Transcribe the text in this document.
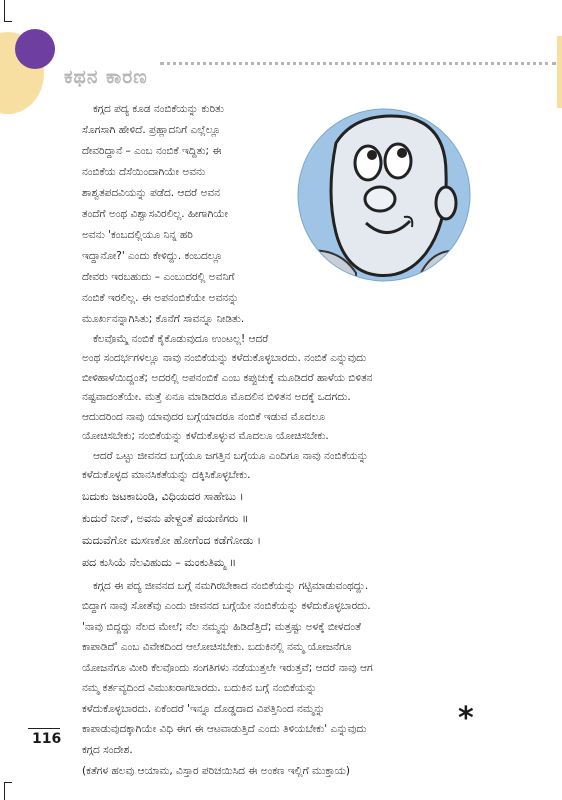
ಕಥನ ಕಾರಣ
ಕಗ್ಗದ ಪದ್ಯ ಕೂಡ ನಂಬಿಕೆಯನ್ನು ಕುರಿತು
ಸೊಗಸಾಗಿ ಹೇಳಿದೆ. ಪ್ರಹ್ಲಾದನಿಗೆ ಎಲ್ಲೆಲ್ಲೂ
ದೇವರಿದ್ದಾನೆ – ಎಂಬ ನಂಬಿಕೆ ಇದ್ದಿತು; ಈ
ನಂಬಿಕೆಯ ದೆಸೆಯಿಂದಾಗಿಯೇ ಅವನು
ಶಾಶ್ವತಪದವಿಯನ್ನು ಪಡೆದ. ಆದರೆ ಅವನ
ತಂದೆಗೆ ಅಂಥ ವಿಶ್ವಾಸವಿರಲಿಲ್ಲ. ಹೀಗಾಗಿಯೇ
ಅವನು 'ಕಂಬದಲ್ಲಿಯೂ ನಿನ್ನ ಹರಿ
ಇದ್ದಾನೋ?' ಎಂದು ಕೇಳಿದ್ದು. ಕಂಬದಲ್ಲೂ
ದೇವರು ಇರಬಹುದು – ಎಂಬುದರಲ್ಲಿ ಅವನಿಗೆ
ನಂಬಿಕೆ ಇರಲಿಲ್ಲ. ಈ ಅಪನಂಬಿಕೆಯೇ ಅವನನ್ನು
ಮೂರ್ಖನನ್ನಾಗಿಸಿತು; ಕೊನೆಗೆ ಸಾವನ್ನೂ ನೀಡಿತು.
ಕೆಲವೊಮ್ಮೆ ನಂಬಿಕೆ ಕೈಕೊಡುವುದೂ ಉಂಟಲ್ಲ! ಆದರೆ
ಅಂಥ ಸಂದರ್ಭಗಳಲ್ಲೂ ನಾವು ನಂಬಿಕೆಯನ್ನು ಕಳೆದುಕೊಳ್ಳಬಾರದು. ನಂಬಿಕೆ ಎನ್ನುವುದು
ಬೀಳಿಹಾಳೆಯಿದ್ದಂತೆ; ಅದರಲ್ಲಿ ಅಪನಂಬಿಕೆ ಎಂಬ ಕಪ್ಪುಚುಕ್ಕೆ ಮೂಡಿದರೆ ಹಾಳೆಯ ಬಿಳಿತನ
ನಷ್ಟವಾದಂತೆಯೇ. ಮತ್ತೆ ಏನೂ ಮಾಡಿದರೂ ಮೊದಲಿನ ಬಿಳಿತನ ಅದಕ್ಕೆ ಒದಗದು.
ಆದುದರಿಂದ ನಾವು ಯಾವುದರ ಬಗ್ಗೆಯಾದರೂ ನಂಬಿಕೆ ಇಡುವ ಮೊದಲೂ
ಯೋಚಿಸಬೇಕು; ನಂಬಿಕೆಯನ್ನು ಕಳೆದುಕೊಳ್ಳುವ ಮೊದಲೂ ಯೋಚಿಸಬೇಕು.
ಆದರೆ ಒಟ್ಟು ಜೀವನದ ಬಗ್ಗೆಯೂ ಜಗತ್ತಿನ ಬಗ್ಗೆಯೂ ಎಂದಿಗೂ ನಾವು ನಂಬಿಕೆಯನ್ನು
ಕಳೆದುಕೊಳ್ಳದ ಮಾನಸಿಕತೆಯನ್ನು ದಕ್ಕಿಸಿಕೊಳ್ಳಬೇಕು.
ಬದುಕು ಜಟಕಾಬಂಡಿ, ವಿಧಿಯದರ ಸಾಹೇಬು ।
ಕುದುರೆ ನೀನ್, ಅವನು ಪೇಳ್ದಂತೆ ಪಯಣಿಗರು ॥
ಮದುವೆಗೋ ಮಸಣಕೋ ಹೋಗೆಂದ ಕಡೆಗೋಡು ।
ಪದ ಕುಸಿಯೆ ನೆಲವಿಹುದು – ಮಂಕುತಿಮ್ಮ ॥
ಕಗ್ಗದ ಈ ಪದ್ಯ ಜೀವನದ ಬಗ್ಗೆ ನಮಗಿರಬೇಕಾದ ನಂಬಿಕೆಯನ್ನು ಗಟ್ಟಿಮಾಡುವಂಥದ್ದು.
ಬಿದ್ದಾಗ ನಾವು ಸೋತೆವು ಎಂದು ಜೀವನದ ಬಗ್ಗೆಯೇ ನಂಬಿಕೆಯನ್ನು ಕಳೆದುಕೊಳ್ಳಬಾರದು.
'ನಾವು ಬಿದ್ದದ್ದು ನೆಲದ ಮೇಲೆ; ನೆಲ ನಮ್ಮನ್ನು ಹಿಡಿದೆತ್ತಿದೆ; ಮತ್ತಷ್ಟು ಅಳಕ್ಕೆ ಬೀಳದಂತೆ
ಕಾಪಾಡಿದೆ' ಎಂಬ ವಿವೇಕದಿಂದ ಆಲೋಚಿಸಬೇಕು. ಬದುಕಿನಲ್ಲಿ ನಮ್ಮ ಯೋಜನೆಗೂ
ಯೋಜನೆಗೂ ಮೀರಿ ಕೆಲವೊಂದು ಸಂಗತಿಗಳು ನಡೆಯುತ್ತಲೇ ಇರುತ್ತವೆ; ಆದರೆ ನಾವು ಆಗ
ನಮ್ಮ ಕರ್ತವ್ಯದಿಂದ ವಿಮುಖರಾಗಬಾರದು. ಬದುಕಿನ ಬಗ್ಗೆ ನಂಬಿಕೆಯನ್ನು
ಕಳೆದುಕೊಳ್ಳಬಾರದು. ಏಕೆಂದರೆ 'ಇನ್ನೂ ದೊಡ್ಡದಾದ ವಿಪತ್ತಿನಿಂದ ನಮ್ಮನ್ನು
ಕಾಪಾಡುವುದಕ್ಕಾಗಿಯೇ ವಿಧಿ ಈಗ ಈ ಆಟವಾಡುತ್ತಿದೆ ಎಂದು ತಿಳಿಯಬೇಕು' ಎನ್ನುವುದು
ಕಗ್ಗದ ಸಂದೇಶ.
(ಕತೆಗಳ ಹಲವು ಆಯಾಮ, ವಿಸ್ತಾರ ಪರಿಚಯಿಸಿದ ಈ ಅಂಕಣ ಇಲ್ಲಿಗೆ ಮುಕ್ತಾಯ)
*
116
